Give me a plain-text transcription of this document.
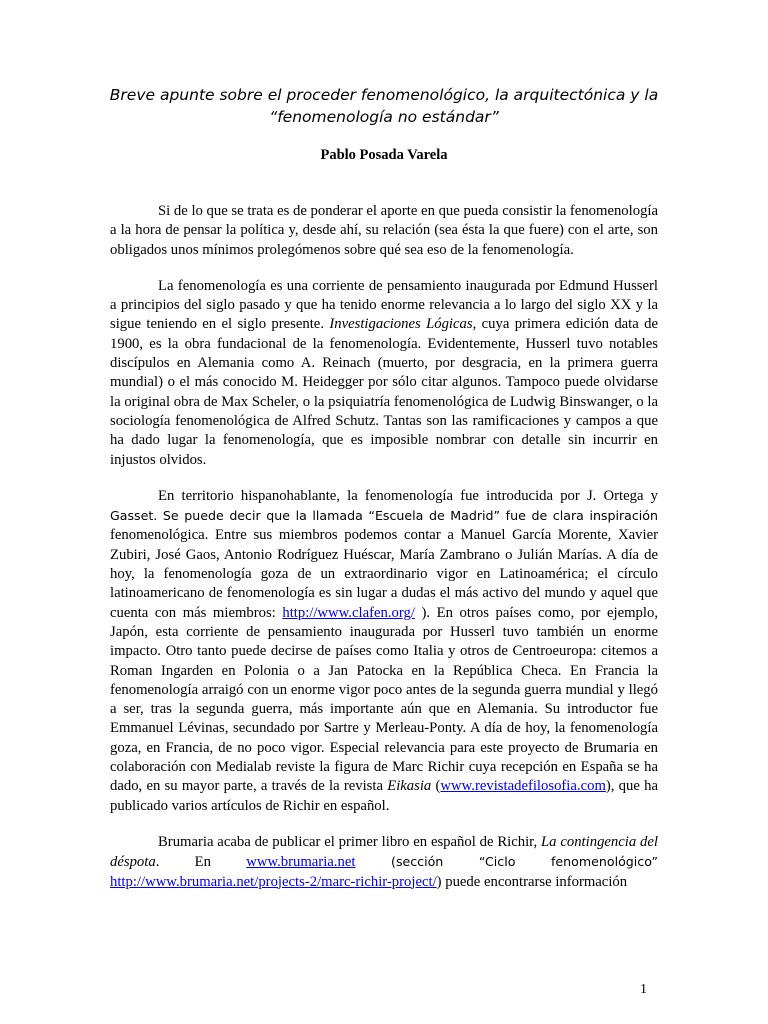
Breve apunte sobre el proceder fenomenológico, la arquitectónica y la
“fenomenología no estándar”
Pablo Posada Varela

Si de lo que se trata es de ponderar el aporte en que pueda consistir la fenomenología a la hora de pensar la política y, desde ahí, su relación (sea ésta la que fuere) con el arte, son obligados unos mínimos prolegómenos sobre qué sea eso de la fenomenología.

La fenomenología es una corriente de pensamiento inaugurada por Edmund Husserl a principios del siglo pasado y que ha tenido enorme relevancia a lo largo del siglo XX y la sigue teniendo en el siglo presente. Investigaciones Lógicas, cuya primera edición data de 1900, es la obra fundacional de la fenomenología. Evidentemente, Husserl tuvo notables discípulos en Alemania como A. Reinach (muerto, por desgracia, en la primera guerra mundial) o el más conocido M. Heidegger por sólo citar algunos. Tampoco puede olvidarse la original obra de Max Scheler, o la psiquiatría fenomenológica de Ludwig Binswanger, o la sociología fenomenológica de Alfred Schutz. Tantas son las ramificaciones y campos a que ha dado lugar la fenomenología, que es imposible nombrar con detalle sin incurrir en injustos olvidos.

En territorio hispanohablante, la fenomenología fue introducida por J. Ortega y Gasset. Se puede decir que la llamada “Escuela de Madrid” fue de clara inspiración fenomenológica. Entre sus miembros podemos contar a Manuel García Morente, Xavier Zubiri, José Gaos, Antonio Rodríguez Huéscar, María Zambrano o Julián Marías. A día de hoy, la fenomenología goza de un extraordinario vigor en Latinoamérica; el círculo latinoamericano de fenomenología es sin lugar a dudas el más activo del mundo y aquel que cuenta con más miembros: http://www.clafen.org/ ). En otros países como, por ejemplo, Japón, esta corriente de pensamiento inaugurada por Husserl tuvo también un enorme impacto. Otro tanto puede decirse de países como Italia y otros de Centroeuropa: citemos a Roman Ingarden en Polonia o a Jan Patocka en la República Checa. En Francia la fenomenología arraigó con un enorme vigor poco antes de la segunda guerra mundial y llegó a ser, tras la segunda guerra, más importante aún que en Alemania. Su introductor fue Emmanuel Lévinas, secundado por Sartre y Merleau-Ponty. A día de hoy, la fenomenología goza, en Francia, de no poco vigor. Especial relevancia para este proyecto de Brumaria en colaboración con Medialab reviste la figura de Marc Richir cuya recepción en España se ha dado, en su mayor parte, a través de la revista Eikasia (www.revistadefilosofia.com), que ha publicado varios artículos de Richir en español.

Brumaria acaba de publicar el primer libro en español de Richir, La contingencia del déspota. En www.brumaria.net (sección “Ciclo fenomenológico” http://www.brumaria.net/projects-2/marc-richir-project/) puede encontrarse información

1
